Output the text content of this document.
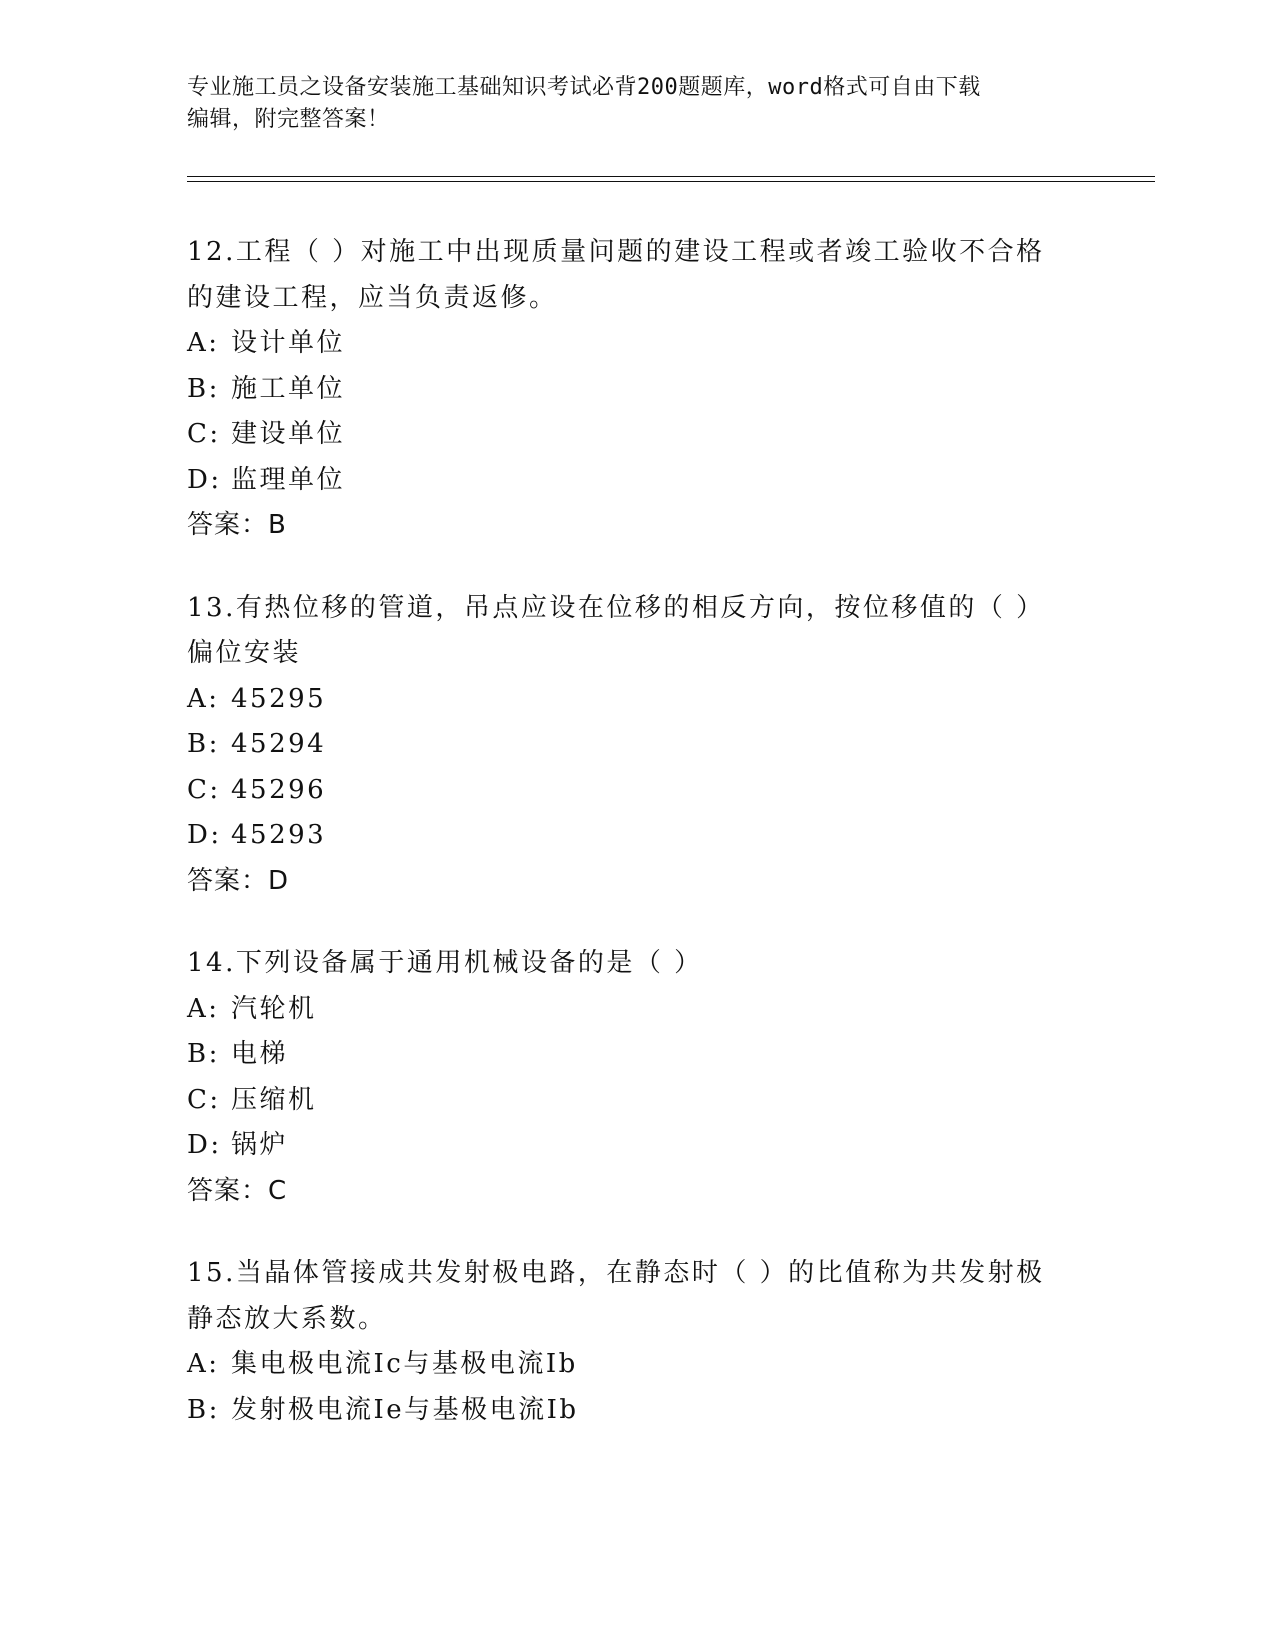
专业施工员之设备安装施工基础知识考试必背200题题库，word格式可自由下载
编辑，附完整答案！
12.工程（ ）对施工中出现质量问题的建设工程或者竣工验收不合格
的建设工程，应当负责返修。
A: 设计单位
B: 施工单位
C: 建设单位
D: 监理单位
答案：B
13.有热位移的管道，吊点应设在位移的相反方向，按位移值的（ ）
偏位安装
A: 45295
B: 45294
C: 45296
D: 45293
答案：D
14.下列设备属于通用机械设备的是（ ）
A: 汽轮机
B: 电梯
C: 压缩机
D: 锅炉
答案：C
15.当晶体管接成共发射极电路，在静态时（ ）的比值称为共发射极
静态放大系数。
A: 集电极电流Ic与基极电流Ib
B: 发射极电流Ie与基极电流Ib
